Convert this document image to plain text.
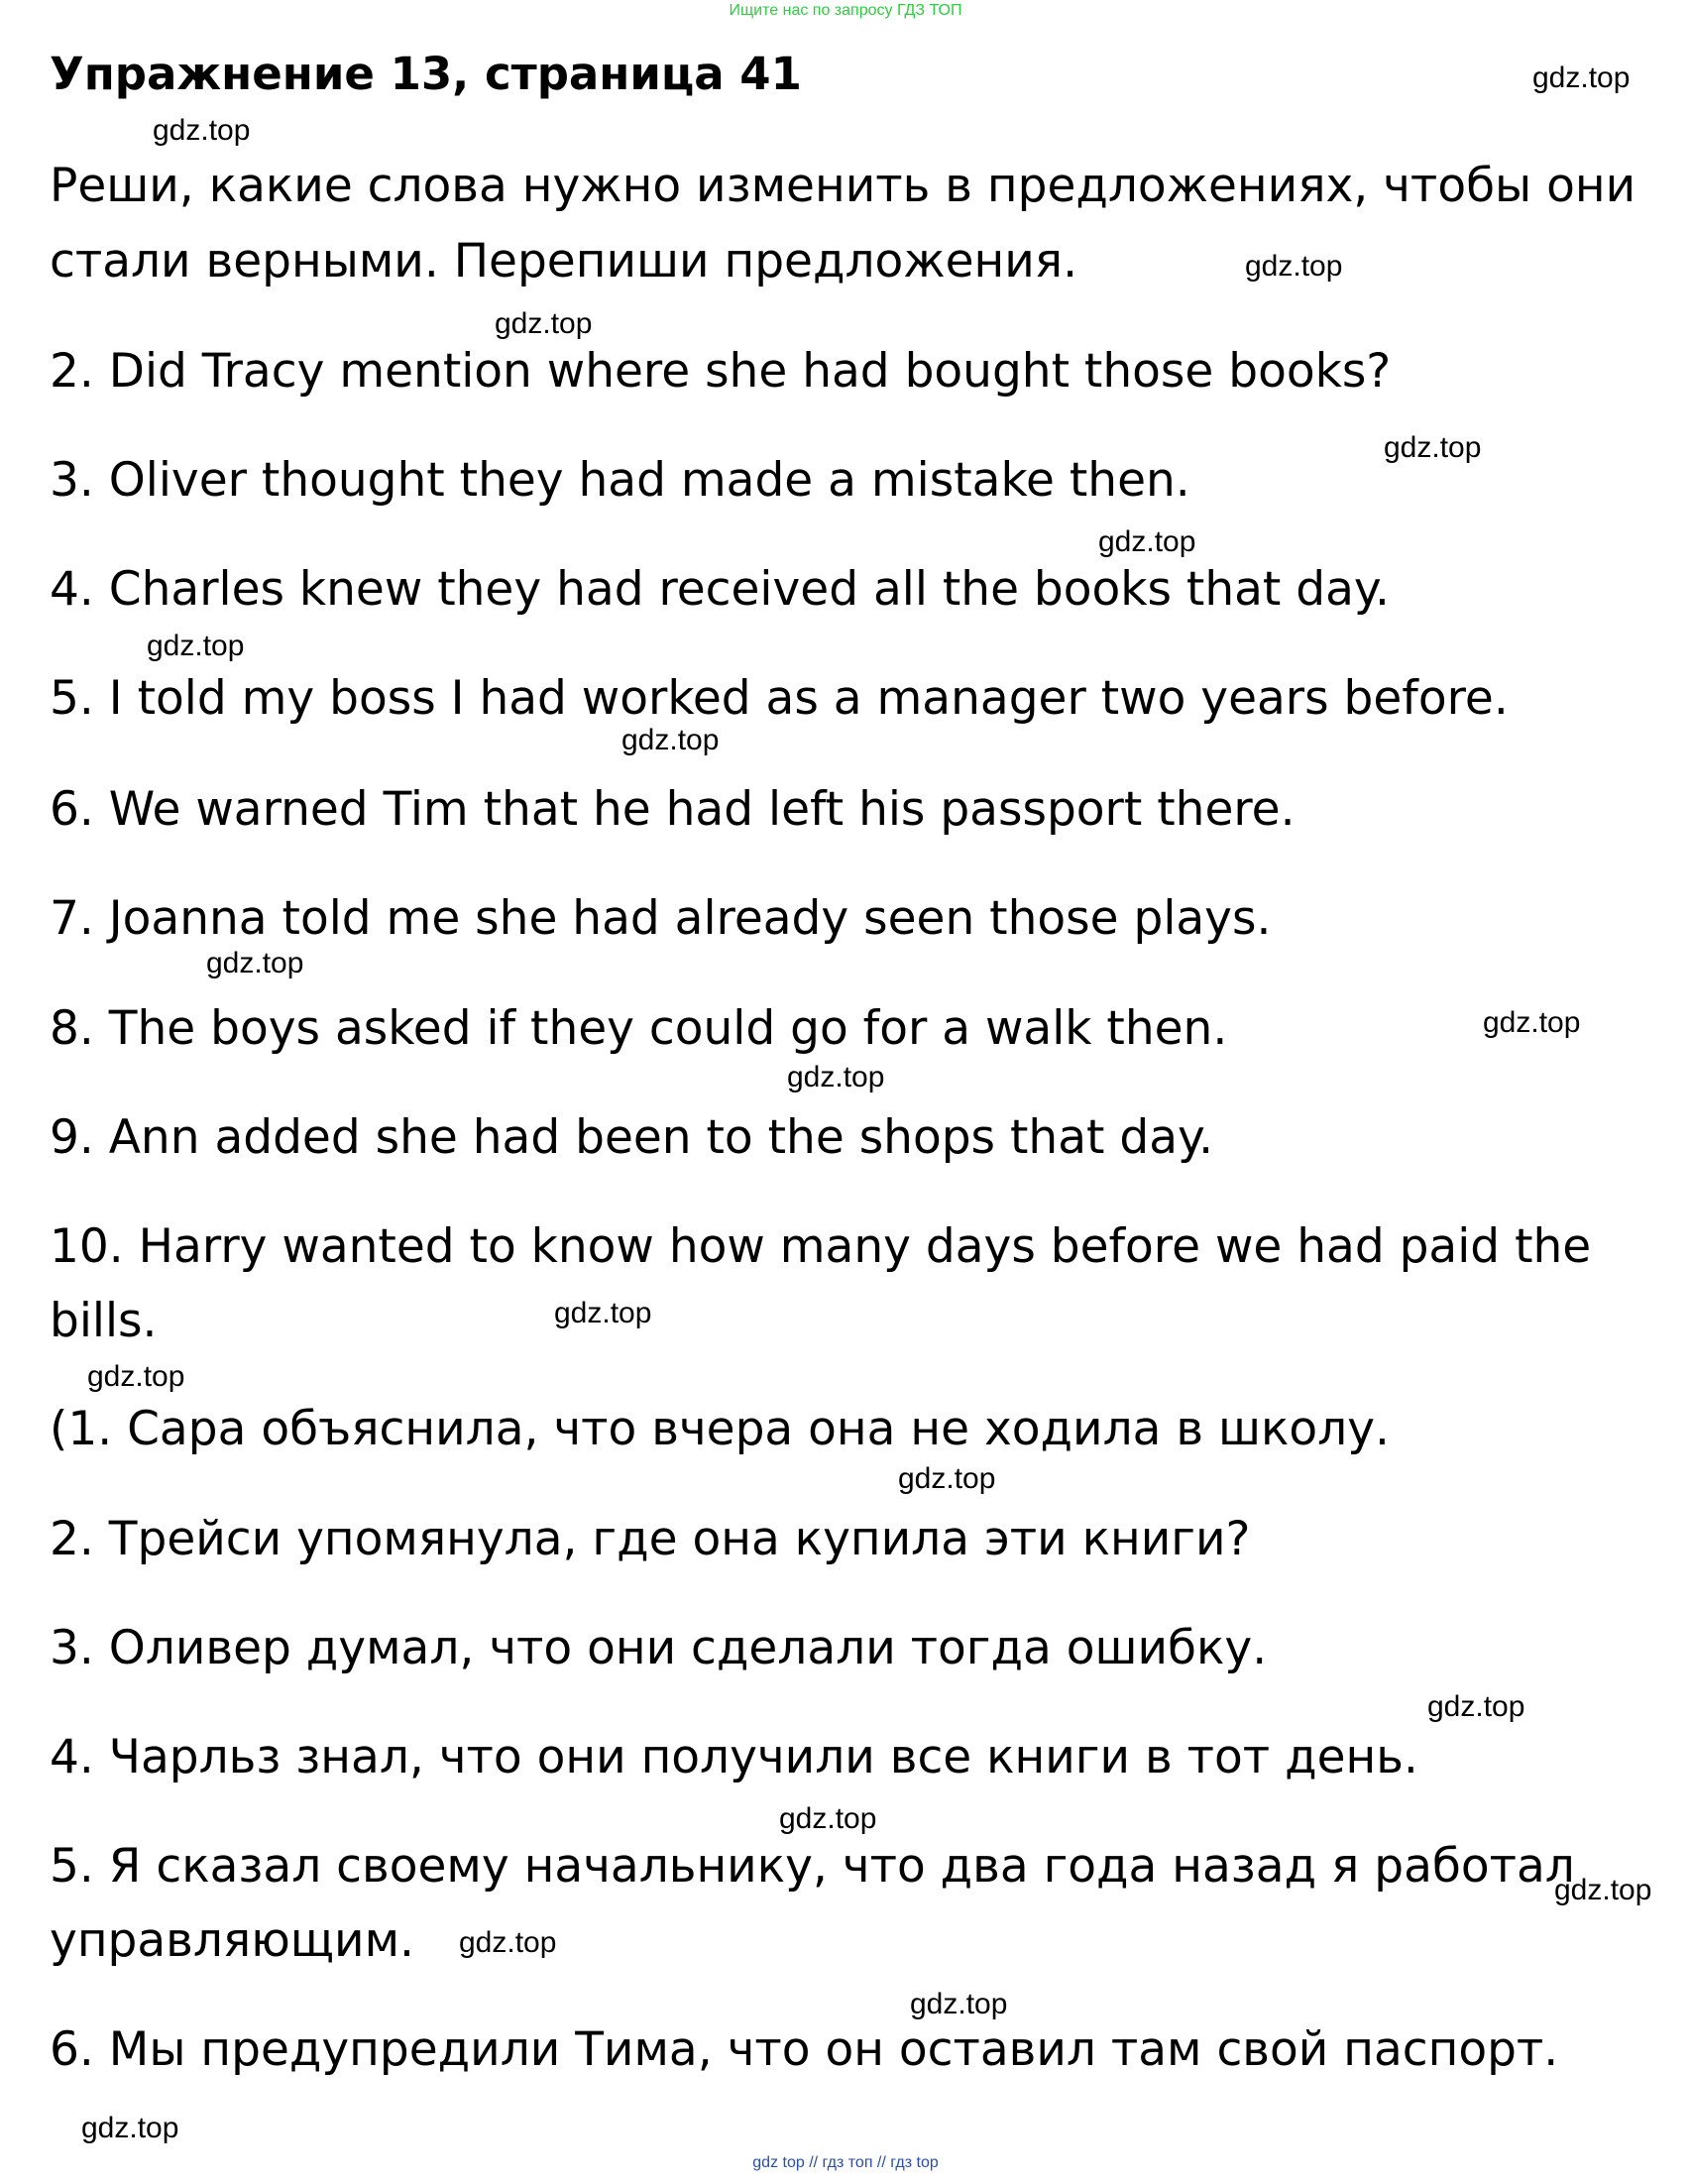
Ищите нас по запросу ГДЗ ТОП
Упражнение 13, страница 41
Реши, какие слова нужно изменить в предложениях, чтобы они
стали верными. Перепиши предложения.
2. Did Tracy mention where she had bought those books?
3. Oliver thought they had made a mistake then.
4. Charles knew they had received all the books that day.
5. I told my boss I had worked as a manager two years before.
6. We warned Tim that he had left his passport there.
7. Joanna told me she had already seen those plays.
8. The boys asked if they could go for a walk then.
9. Ann added she had been to the shops that day.
10. Harry wanted to know how many days before we had paid the
bills.
(1. Сара объяснила, что вчера она не ходила в школу.
2. Трейси упомянула, где она купила эти книги?
3. Оливер думал, что они сделали тогда ошибку.
4. Чарльз знал, что они получили все книги в тот день.
5. Я сказал своему начальнику, что два года назад я работал
управляющим.
6. Мы предупредили Тима, что он оставил там свой паспорт.
gdz.top
gdz.top
gdz.top
gdz.top
gdz.top
gdz.top
gdz.top
gdz.top
gdz.top
gdz.top
gdz.top
gdz.top
gdz.top
gdz.top
gdz.top
gdz.top
gdz.top
gdz.top
gdz.top
gdz.top
gdz top // гдз топ // гдз top
